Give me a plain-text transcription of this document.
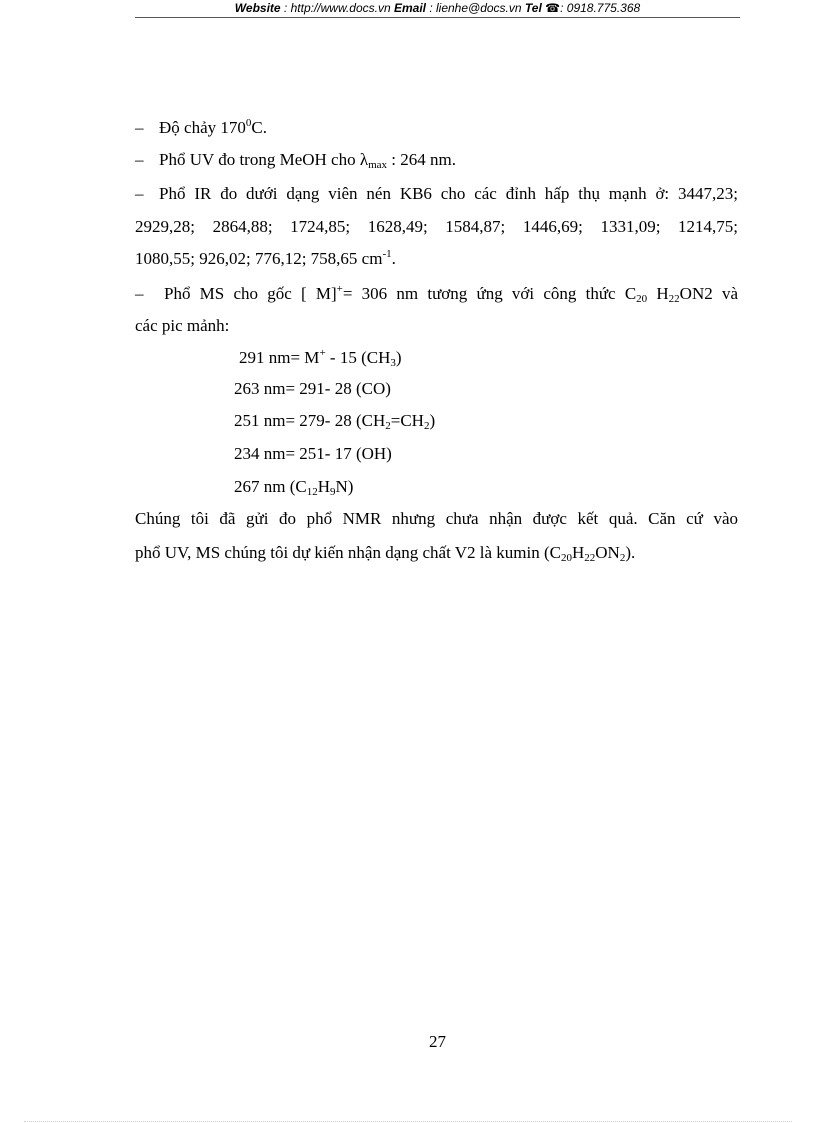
Website : http://www.docs.vn Email : lienhe@docs.vn Tel ☎: 0918.775.368
– Độ chảy $170^0C$.
– Phổ UV đo trong MeOH cho $\lambda_{max}$ : 264 nm.
– Phổ IR đo dưới dạng viên nén KB6 cho các đỉnh hấp thụ mạnh ở: 3447,23;
2929,28; 2864,88; 1724,85; 1628,49; 1584,87; 1446,69; 1331,09; 1214,75;
1080,55; 926,02; 776,12; 758,65 $cm^{-1}$.
– Phổ MS cho gốc [ M]+= 306 nm tương ứng với công thức $C_{20}$ $H_{22}ON2$ và
các pic mảnh:
291 nm= M+ - 15 $(CH_3)$
263 nm= 291- 28 (CO)
251 nm= 279- 28 $(CH_2=CH_2)$
234 nm= 251- 17 (OH)
267 nm $(C_{12}H_9N)$
Chúng tôi đã gửi đo phổ NMR nhưng chưa nhận được kết quả. Căn cứ vào
phổ UV, MS chúng tôi dự kiến nhận dạng chất V2 là kumin $(C_{20}H_{22}ON_2)$.
27
